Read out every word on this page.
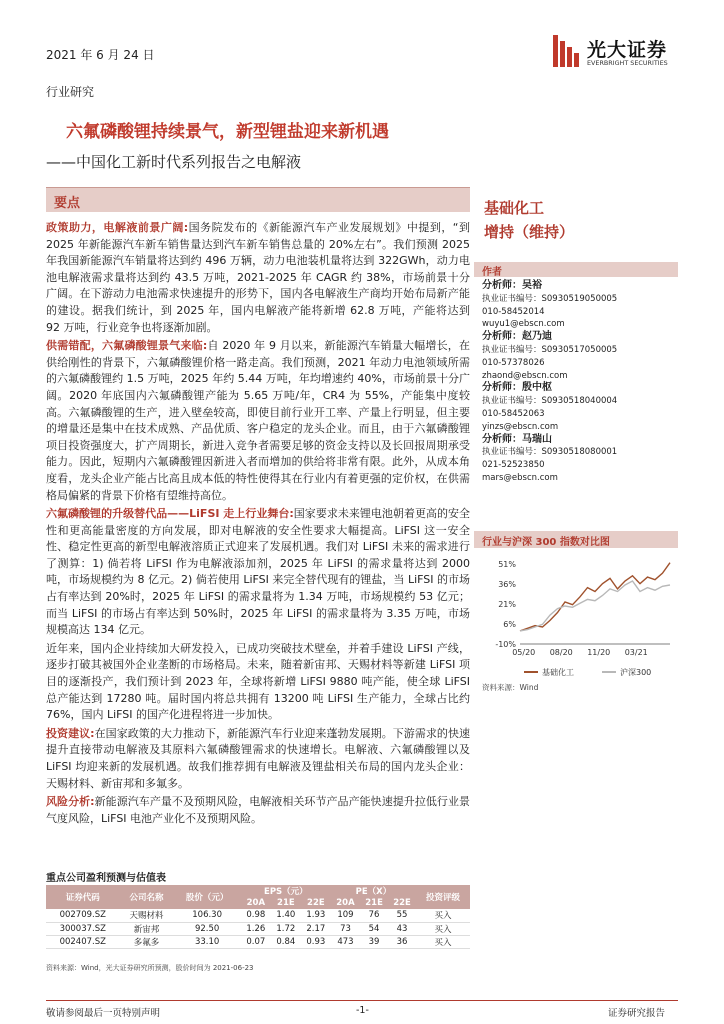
2021 年 6 月 24 日	光大证券
EVERBRIGHT SECURITIES
行业研究
六氟磷酸锂持续景气，新型锂盐迎来新机遇
——中国化工新时代系列报告之电解液
要点

政策助力，电解液前景广阔:国务院发布的《新能源汽车产业发展规划》中提到，“到 2025 年新能源汽车新车销售量达到汽车新车销售总量的 20%左右”。我们预测 2025 年我国新能源汽车销量将达到约 496 万辆，动力电池装机量将达到 322GWh，动力电池电解液需求量将达到约 43.5 万吨，2021-2025 年 CAGR 约 38%，市场前景十分广阔。在下游动力电池需求快速提升的形势下，国内各电解液生产商均开始布局新产能的建设。据我们统计，到 2025 年，国内电解液产能将新增 62.8 万吨，产能将达到 92 万吨，行业竞争也将逐渐加剧。

供需错配，六氟磷酸锂景气来临:自 2020 年 9 月以来，新能源汽车销量大幅增长，在供给刚性的背景下，六氟磷酸锂价格一路走高。我们预测，2021 年动力电池领域所需的六氟磷酸锂约 1.5 万吨，2025 年约 5.44 万吨，年均增速约 40%，市场前景十分广阔。2020 年底国内六氟磷酸锂产能为 5.65 万吨/年，CR4 为 55%，产能集中度较高。六氟磷酸锂的生产，进入壁垒较高，即使目前行业开工率、产量上行明显，但主要的增量还是集中在技术成熟、产品优质、客户稳定的龙头企业。而且，由于六氟磷酸锂项目投资强度大，扩产周期长，新进入竞争者需要足够的资金支持以及长回报周期承受能力。因此，短期内六氟磷酸锂因新进入者而增加的供给将非常有限。此外，从成本角度看，龙头企业产能占比高且成本低的特性使得其在行业内有着更强的定价权，在供需格局偏紧的背景下价格有望维持高位。

六氟磷酸锂的升级替代品——LiFSI 走上行业舞台:国家要求未来锂电池朝着更高的安全性和更高能量密度的方向发展，即对电解液的安全性要求大幅提高。LiFSI 这一安全性、稳定性更高的新型电解液溶质正式迎来了发展机遇。我们对 LiFSI 未来的需求进行了测算：1) 倘若将 LiFSI 作为电解液添加剂，2025 年 LiFSI 的需求量将达到 2000 吨，市场规模约为 8 亿元。2) 倘若使用 LiFSI 来完全替代现有的锂盐，当 LiFSI 的市场占有率达到 20%时，2025 年 LiFSI 的需求量将为 1.34 万吨，市场规模约 53 亿元；而当 LiFSI 的市场占有率达到 50%时，2025 年 LiFSI 的需求量将为 3.35 万吨，市场规模高达 134 亿元。

近年来，国内企业持续加大研发投入，已成功突破技术壁垒，并着手建设 LiFSI 产线，逐步打破其被国外企业垄断的市场格局。未来，随着新宙邦、天赐材料等新建 LiFSI 项目的逐渐投产，我们预计到 2023 年，全球将新增 LiFSI 9880 吨产能，使全球 LiFSI 总产能达到 17280 吨。届时国内将总共拥有 13200 吨 LiFSI 生产能力，全球占比约 76%，国内 LiFSI 的国产化进程将进一步加快。

投资建议:在国家政策的大力推动下，新能源汽车行业迎来蓬勃发展期。下游需求的快速提升直接带动电解液及其原料六氟磷酸锂需求的快速增长。电解液、六氟磷酸锂以及 LiFSI 均迎来新的发展机遇。故我们推荐拥有电解液及锂盐相关布局的国内龙头企业：天赐材料、新宙邦和多氟多。

风险分析:新能源汽车产量不及预期风险，电解液相关环节产品产能快速提升拉低行业景气度风险，LiFSI 电池产业化不及预期风险。

重点公司盈利预测与估值表
证券代码	公司名称	股价（元）	EPS（元）			PE（X）			投资评级
			20A	21E	22E	20A	21E	22E	
002709.SZ	天赐材料	106.30	0.98	1.40	1.93	109	76	55	买入
300037.SZ	新宙邦	92.50	1.26	1.72	2.17	73	54	43	买入
002407.SZ	多氟多	33.10	0.07	0.84	0.93	473	39	36	买入
资料来源：Wind，光大证券研究所预测，股价时间为 2021-06-23
基础化工
增持（维持）
作者
分析师：吴裕
执业证书编号：S0930519050005
010-58452014
wuyu1@ebscn.com
分析师：赵乃迪
执业证书编号：S0930517050005
010-57378026
zhaond@ebscn.com
分析师：殷中枢
执业证书编号：S0930518040004
010-58452063
yinzs@ebscn.com
分析师：马瑞山
执业证书编号：S0930518080001
021-52523850
mars@ebscn.com
行业与沪深 300 指数对比图
51%
36%
21%
6%
-10%
05/20 08/20 11/20 03/21
基础化工	沪深300
资料来源：Wind
敬请参阅最后一页特别声明	-1-	证券研究报告
